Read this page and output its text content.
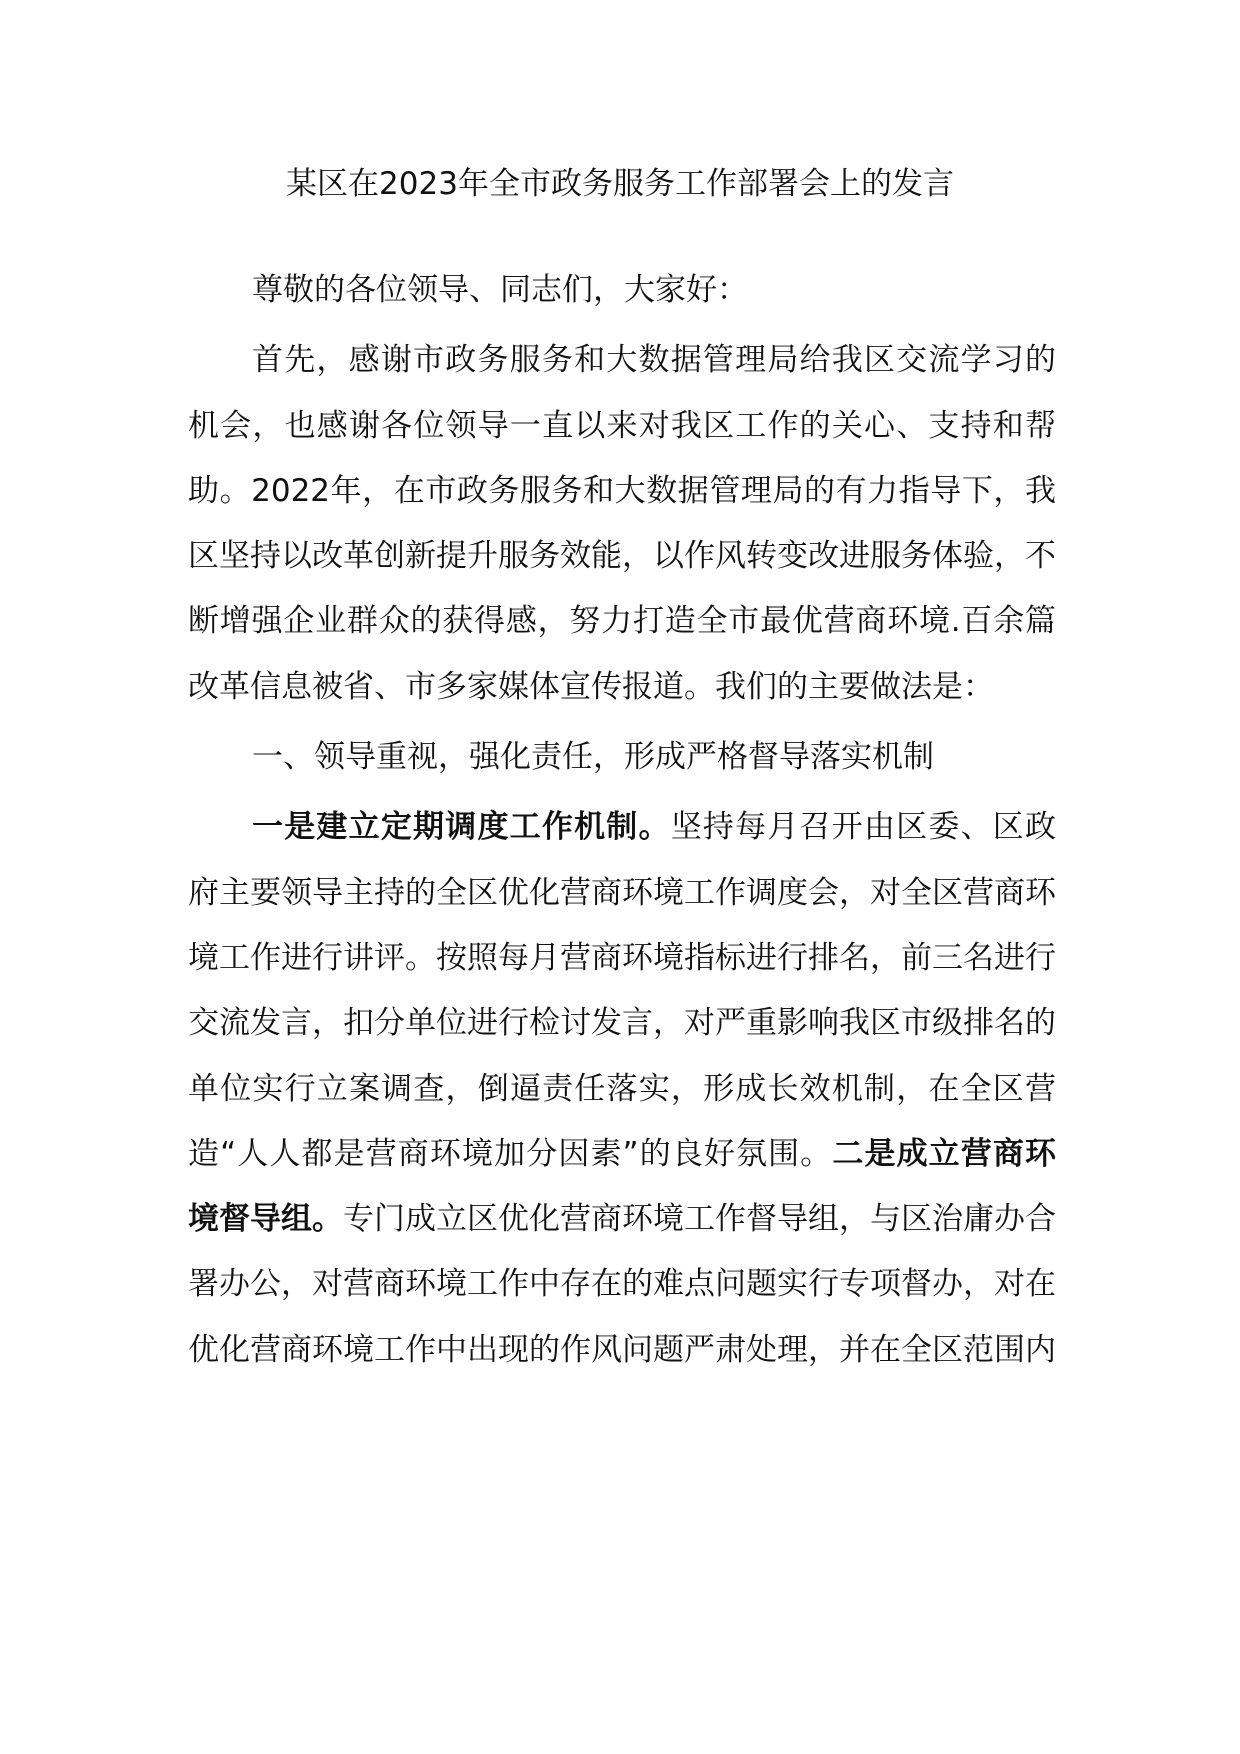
某区在2023年全市政务服务工作部署会上的发言

尊敬的各位领导、同志们，大家好：

首先，感谢市政务服务和大数据管理局给我区交流学习的机会，也感谢各位领导一直以来对我区工作的关心、支持和帮助。2022年，在市政务服务和大数据管理局的有力指导下，我区坚持以改革创新提升服务效能，以作风转变改进服务体验，不断增强企业群众的获得感，努力打造全市最优营商环境.百余篇改革信息被省、市多家媒体宣传报道。我们的主要做法是：

一、领导重视，强化责任，形成严格督导落实机制

一是建立定期调度工作机制。坚持每月召开由区委、区政府主要领导主持的全区优化营商环境工作调度会，对全区营商环境工作进行讲评。按照每月营商环境指标进行排名，前三名进行交流发言，扣分单位进行检讨发言，对严重影响我区市级排名的单位实行立案调查，倒逼责任落实，形成长效机制，在全区营造“人人都是营商环境加分因素”的良好氛围。二是成立营商环境督导组。专门成立区优化营商环境工作督导组，与区治庸办合署办公，对营商环境工作中存在的难点问题实行专项督办，对在优化营商环境工作中出现的作风问题严肃处理，并在全区范围内
